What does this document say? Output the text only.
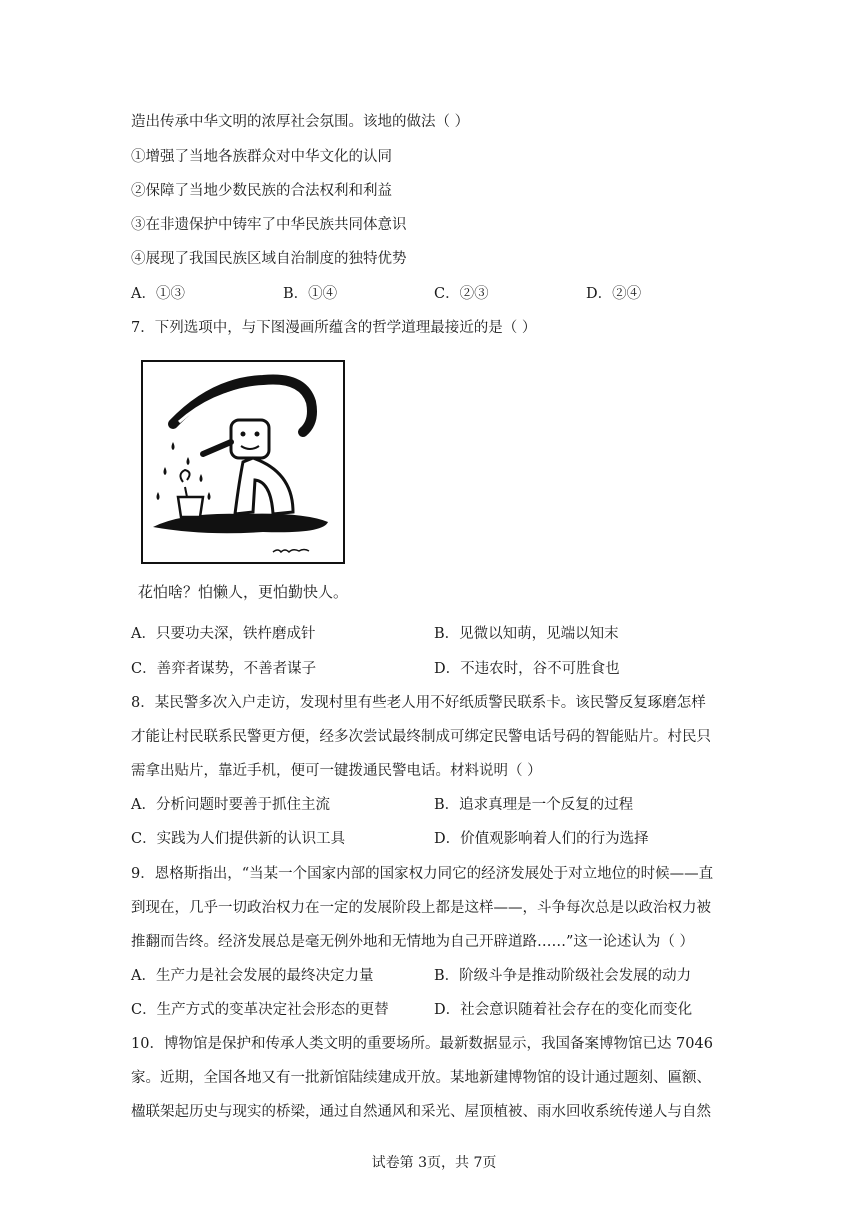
造出传承中华文明的浓厚社会氛围。该地的做法（ ）
①增强了当地各族群众对中华文化的认同
②保障了当地少数民族的合法权利和利益
③在非遗保护中铸牢了中华民族共同体意识
④展现了我国民族区域自治制度的独特优势
A．①③	B．①④	C．②③	D．②④
7．下列选项中，与下图漫画所蕴含的哲学道理最接近的是（ ）
花怕啥？怕懒人，更怕勤快人。
A．只要功夫深，铁杵磨成针	B．见微以知萌，见端以知末
C．善弈者谋势，不善者谋子	D．不违农时，谷不可胜食也
8．某民警多次入户走访，发现村里有些老人用不好纸质警民联系卡。该民警反复琢磨怎样
才能让村民联系民警更方便，经多次尝试最终制成可绑定民警电话号码的智能贴片。村民只
需拿出贴片，靠近手机，便可一键拨通民警电话。材料说明（ ）
A．分析问题时要善于抓住主流	B．追求真理是一个反复的过程
C．实践为人们提供新的认识工具	D．价值观影响着人们的行为选择
9．恩格斯指出，“当某一个国家内部的国家权力同它的经济发展处于对立地位的时候——直
到现在，几乎一切政治权力在一定的发展阶段上都是这样——，斗争每次总是以政治权力被
推翻而告终。经济发展总是毫无例外地和无情地为自己开辟道路……”这一论述认为（ ）
A．生产力是社会发展的最终决定力量	B．阶级斗争是推动阶级社会发展的动力
C．生产方式的变革决定社会形态的更替	D．社会意识随着社会存在的变化而变化
10．博物馆是保护和传承人类文明的重要场所。最新数据显示，我国备案博物馆已达 7046
家。近期，全国各地又有一批新馆陆续建成开放。某地新建博物馆的设计通过题刻、匾额、
楹联架起历史与现实的桥梁，通过自然通风和采光、屋顶植被、雨水回收系统传递人与自然
试卷第 3页，共 7页
